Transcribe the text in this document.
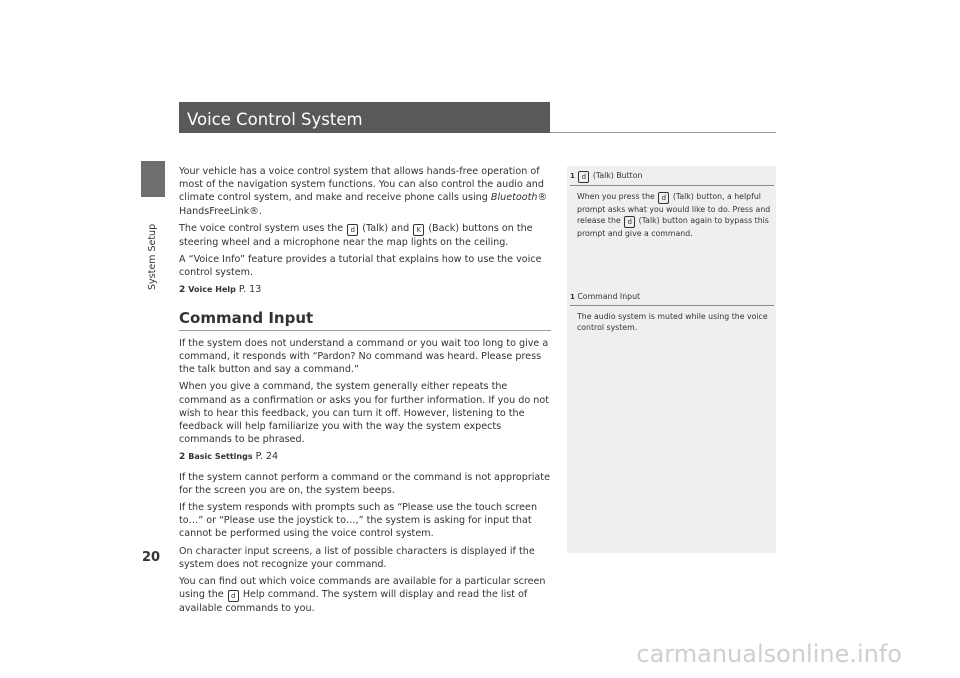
System Setup
20
Voice Control System

Your vehicle has a voice control system that allows hands-free operation of most of the navigation system functions. You can also control the audio and climate control system, and make and receive phone calls using Bluetooth® HandsFreeLink®.

The voice control system uses the d (Talk) and K (Back) buttons on the steering wheel and a microphone near the map lights on the ceiling.

A “Voice Info” feature provides a tutorial that explains how to use the voice control system.

2 Voice Help P. 13
Command Input

If the system does not understand a command or you wait too long to give a command, it responds with “Pardon? No command was heard. Please press the talk button and say a command.”

When you give a command, the system generally either repeats the command as a confirmation or asks you for further information. If you do not wish to hear this feedback, you can turn it off. However, listening to the feedback will help familiarize you with the way the system expects commands to be phrased.

2 Basic Settings P. 24

If the system cannot perform a command or the command is not appropriate for the screen you are on, the system beeps.

If the system responds with prompts such as “Please use the touch screen to…” or “Please use the joystick to…,” the system is asking for input that cannot be performed using the voice control system.

On character input screens, a list of possible characters is displayed if the system does not recognize your command.

You can find out which voice commands are available for a particular screen using the d Help command. The system will display and read the list of available commands to you.

1 d (Talk) Button
When you press the d (Talk) button, a helpful prompt asks what you would like to do. Press and release the d (Talk) button again to bypass this prompt and give a command.
1 Command Input
The audio system is muted while using the voice control system.
carmanualsonline.info
